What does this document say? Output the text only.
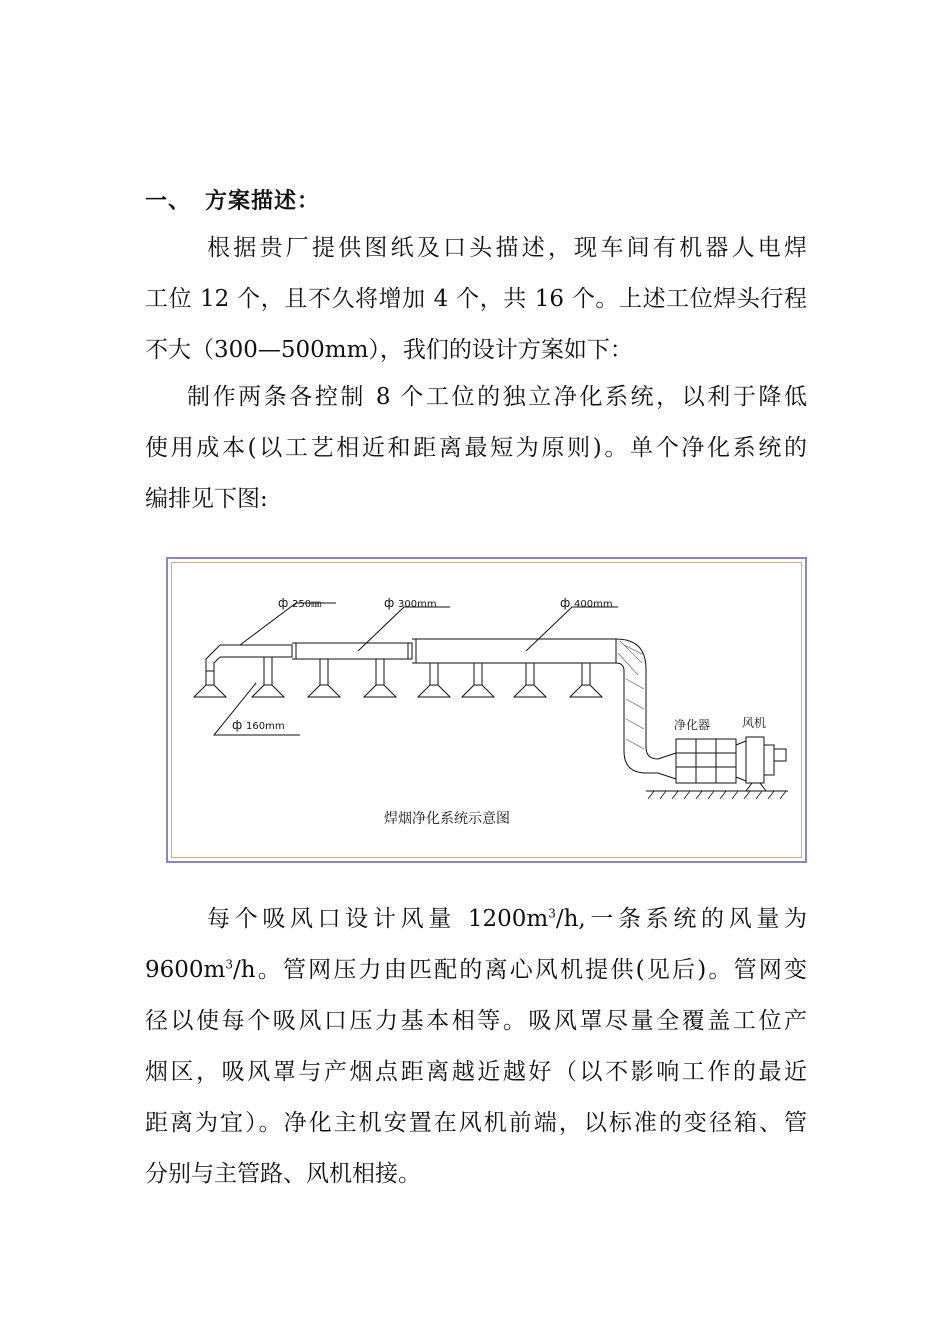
一、 方案描述：
根据贵厂提供图纸及口头描述，现车间有机器人电焊
工位 12 个，且不久将增加 4 个，共 16 个。上述工位焊头行程
不大（300—500mm），我们的设计方案如下：
制作两条各控制 8 个工位的独立净化系统，以利于降低
使用成本(以工艺相近和距离最短为原则)。单个净化系统的
编排见下图:
ф 250㎜	ф 300mm	ф 400mm
ф 160mm	净化器	风机
焊烟净化系统示意图
每个吸风口设计风量 $1200m^3/h$,一条系统的风量为
$9600m^3/h$。管网压力由匹配的离心风机提供(见后)。管网变
径以使每个吸风口压力基本相等。吸风罩尽量全覆盖工位产
烟区，吸风罩与产烟点距离越近越好（以不影响工作的最近
距离为宜）。净化主机安置在风机前端，以标准的变径箱、管
分别与主管路、风机相接。
